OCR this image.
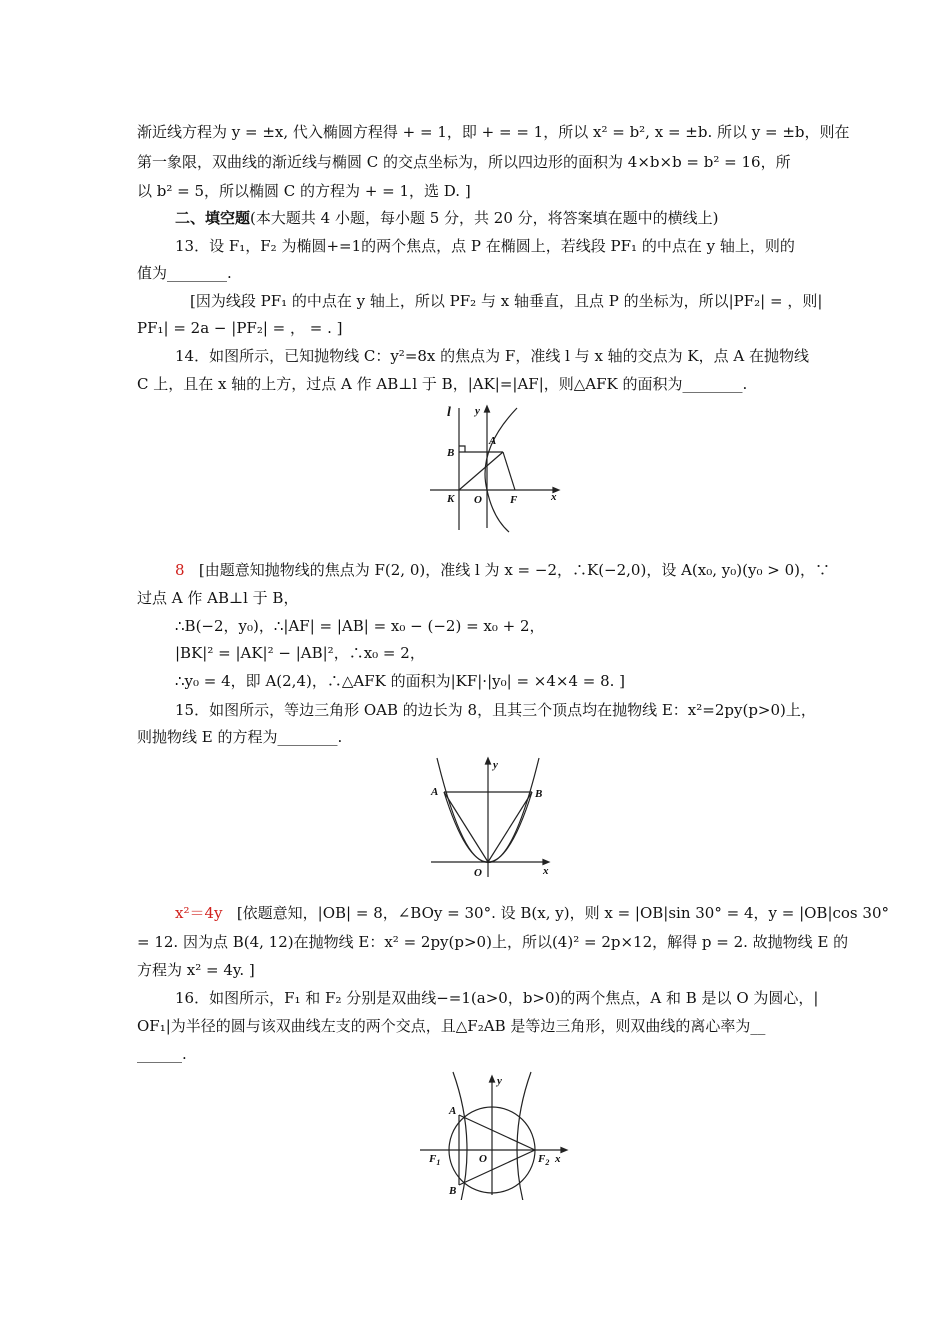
渐近线方程为 y = ±x, 代入椭圆方程得 + = 1，即 + = = 1，所以 x² = b², x = ±b. 所以 y = ±b，则在
第一象限，双曲线的渐近线与椭圆 C 的交点坐标为，所以四边形的面积为 4×b×b = b² = 16，所
以 b² = 5，所以椭圆 C 的方程为 + = 1，选 D. ]
二、填空题(本大题共 4 小题，每小题 5 分，共 20 分，将答案填在题中的横线上)
13．设 F₁，F₂ 为椭圆+=1的两个焦点，点 P 在椭圆上，若线段 PF₁ 的中点在 y 轴上，则的
值为________.
[因为线段 PF₁ 的中点在 y 轴上，所以 PF₂ 与 x 轴垂直，且点 P 的坐标为，所以|PF₂| = ，则|
PF₁| = 2a − |PF₂| = ， = . ]
14．如图所示，已知抛物线 C：y²=8x 的焦点为 F，准线 l 与 x 轴的交点为 K，点 A 在抛物线
C 上，且在 x 轴的上方，过点 A 作 AB⊥l 于 B，|AK|=|AF|，则△AFK 的面积为________.
l y
x
B
A
K O	F
8 [由题意知抛物线的焦点为 F(2, 0)，准线 l 为 x = −2，∴K(−2,0)，设 A(x₀, y₀)(y₀ > 0)，∵
过点 A 作 AB⊥l 于 B，
∴B(−2，y₀)，∴|AF| = |AB| = x₀ − (−2) = x₀ + 2，
|BK|² = |AK|² − |AB|²，∴x₀ = 2，
∴y₀ = 4，即 A(2,4)，∴△AFK 的面积为|KF|·|y₀| = ×4×4 = 8. ]
15．如图所示，等边三角形 OAB 的边长为 8，且其三个顶点均在抛物线 E：x²=2py(p>0)上，
则抛物线 E 的方程为________.
y
x
A	B
O
x²＝4y [依题意知，|OB| = 8，∠BOy = 30°. 设 B(x, y)，则 x = |OB|sin 30° = 4，y = |OB|cos 30°
= 12. 因为点 B(4, 12)在抛物线 E：x² = 2py(p>0)上，所以(4)² = 2p×12，解得 p = 2. 故抛物线 E 的
方程为 x² = 4y. ]
16．如图所示，F₁ 和 F₂ 分别是双曲线−=1(a>0，b>0)的两个焦点，A 和 B 是以 O 为圆心，|
OF₁|为半径的圆与该双曲线左支的两个交点，且△F₂AB 是等边三角形，则双曲线的离心率为__
______.
y
x
A
B
O
$F_1$	$F_2$
